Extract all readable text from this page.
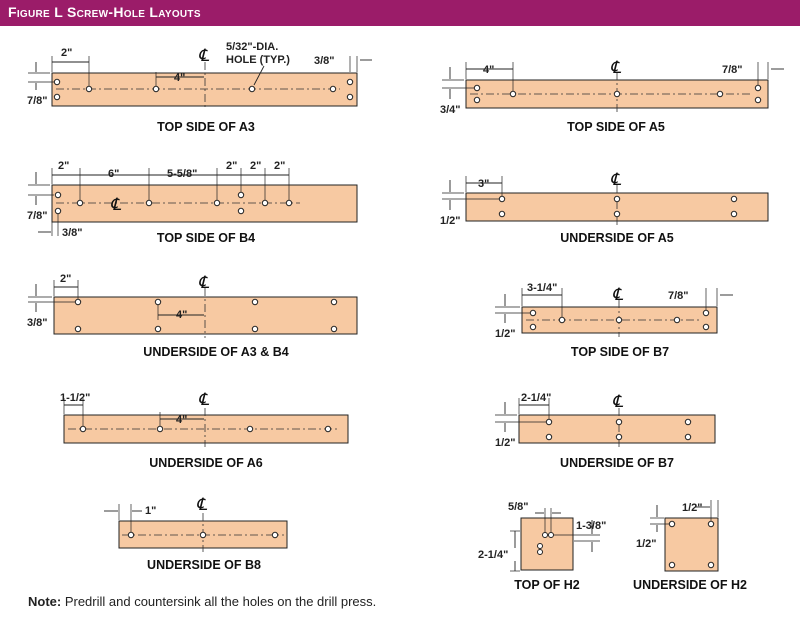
Figure L Screw-Hole Layouts
2"
4"
℄ 5/32"-DIA.
HOLE (TYP.) 3/8"
7/8"
TOP SIDE OF A3
℄
2"
6"	5-5/8"
2" 2" 2"
7/8"
3/8"	TOP SIDE OF B4
℄
2"
3/8"
4"
UNDERSIDE OF A3 & B4
℄
1-1/2"
4"
UNDERSIDE OF A6
℄
1"
UNDERSIDE OF B8
℄
4"	7/8"
3/4"
TOP SIDE OF A5
℄
3"
1/2"
UNDERSIDE OF A5
℄
3-1/4"
7/8"
1/2"
TOP SIDE OF B7
℄
2-1/4"
1/2"
UNDERSIDE OF B7
5/8"
1-3/8"
2-1/4"
TOP OF H2
1/2"
1/2"
UNDERSIDE OF H2
Note: Predrill and countersink all the holes on the drill press.
